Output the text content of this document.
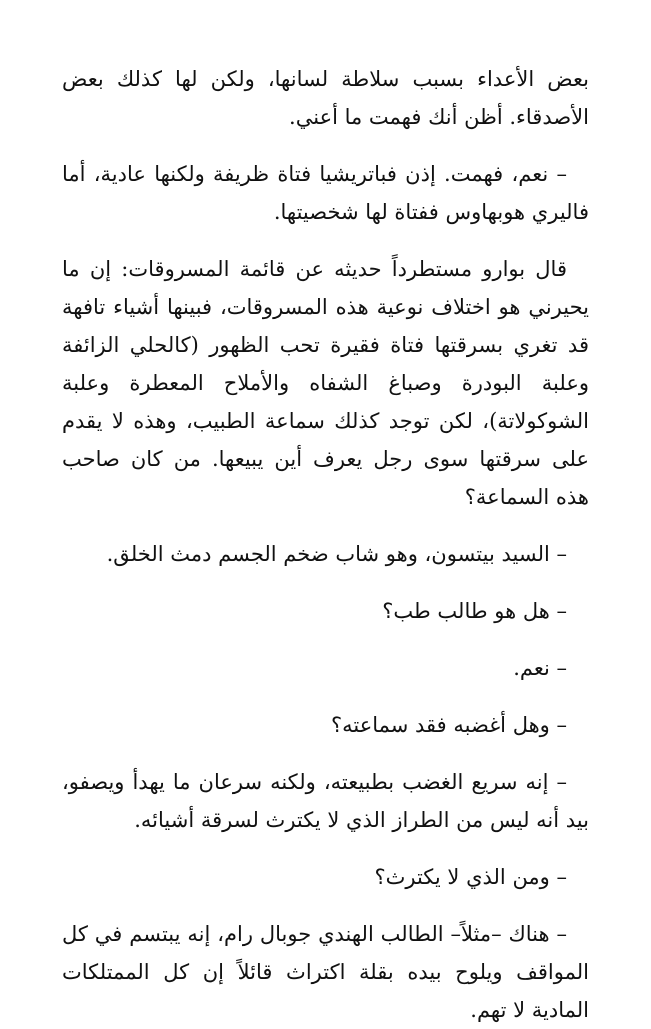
بعض الأعداء بسبب سلاطة لسانها، ولكن لها كذلك بعض الأصدقاء. أظن أنك فهمت ما أعني.

– نعم، فهمت. إذن فباتريشيا فتاة ظريفة ولكنها عادية، أما فاليري هوبهاوس ففتاة لها شخصيتها.

قال بوارو مستطرداً حديثه عن قائمة المسروقات: إن ما يحيرني هو اختلاف نوعية هذه المسروقات، فبينها أشياء تافهة قد تغري بسرقتها فتاة فقيرة تحب الظهور (كالحلي الزائفة وعلبة البودرة وصباغ الشفاه والأملاح المعطرة وعلبة الشوكولاتة)، لكن توجد كذلك سماعة الطبيب، وهذه لا يقدم على سرقتها سوى رجل يعرف أين يبيعها. من كان صاحب هذه السماعة؟

– السيد بيتسون، وهو شاب ضخم الجسم دمث الخلق.

– هل هو طالب طب؟

– نعم.

– وهل أغضبه فقد سماعته؟

– إنه سريع الغضب بطبيعته، ولكنه سرعان ما يهدأ ويصفو، بيد أنه ليس من الطراز الذي لا يكترث لسرقة أشيائه.

– ومن الذي لا يكترث؟

– هناك –مثلاً– الطالب الهندي جوبال رام، إنه يبتسم في كل المواقف ويلوح بيده بقلة اكتراث قائلاً إن كل الممتلكات المادية لا تهم.
